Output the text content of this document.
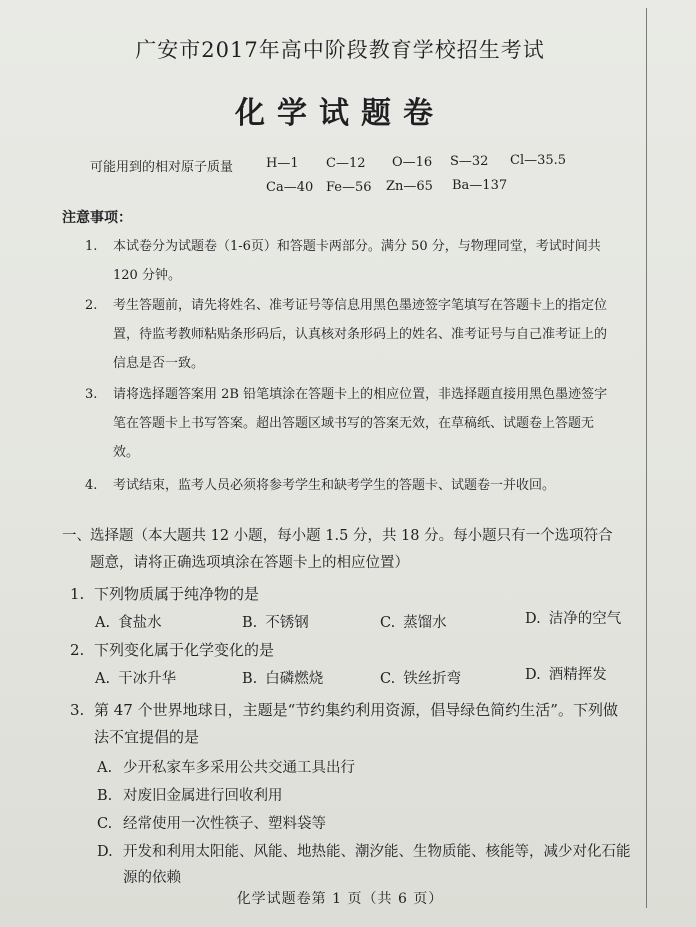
广安市2017年高中阶段教育学校招生考试
化学试题卷
可能用到的相对原子质量	H—1 C—12 O—16 S—32 Cl—35.5
Ca—40 Fe—56 Zn—65 Ba—137
注意事项：
1.	本试卷分为试题卷（1-6页）和答题卡两部分。满分 50 分，与物理同堂，考试时间共 120 分钟。
2.	考生答题前，请先将姓名、准考证号等信息用黑色墨迹签字笔填写在答题卡上的指定位置，待监考教师粘贴条形码后，认真核对条形码上的姓名、准考证号与自己准考证上的信息是否一致。
3.	请将选择题答案用 2B 铅笔填涂在答题卡上的相应位置，非选择题直接用黑色墨迹签字笔在答题卡上书写答案。超出答题区域书写的答案无效，在草稿纸、试题卷上答题无效。
4.	考试结束，监考人员必须将参考学生和缺考学生的答题卡、试题卷一并收回。
一、 选择题（本大题共 12 小题，每小题 1.5 分，共 18 分。每小题只有一个选项符合题意，请将正确选项填涂在答题卡上的相应位置）
1. 下列物质属于纯净物的是
A. 食盐水	B. 不锈钢	C. 蒸馏水	D. 洁净的空气
2. 下列变化属于化学变化的是
A. 干冰升华	B. 白磷燃烧	C. 铁丝折弯	D. 酒精挥发
3. 第 47 个世界地球日，主题是“节约集约利用资源，倡导绿色简约生活”。下列做法不宜提倡的是
A. 少开私家车多采用公共交通工具出行
B. 对废旧金属进行回收利用
C. 经常使用一次性筷子、塑料袋等
D. 开发和利用太阳能、风能、地热能、潮汐能、生物质能、核能等，减少对化石能源的依赖
化学试题卷第 1 页（共 6 页）
